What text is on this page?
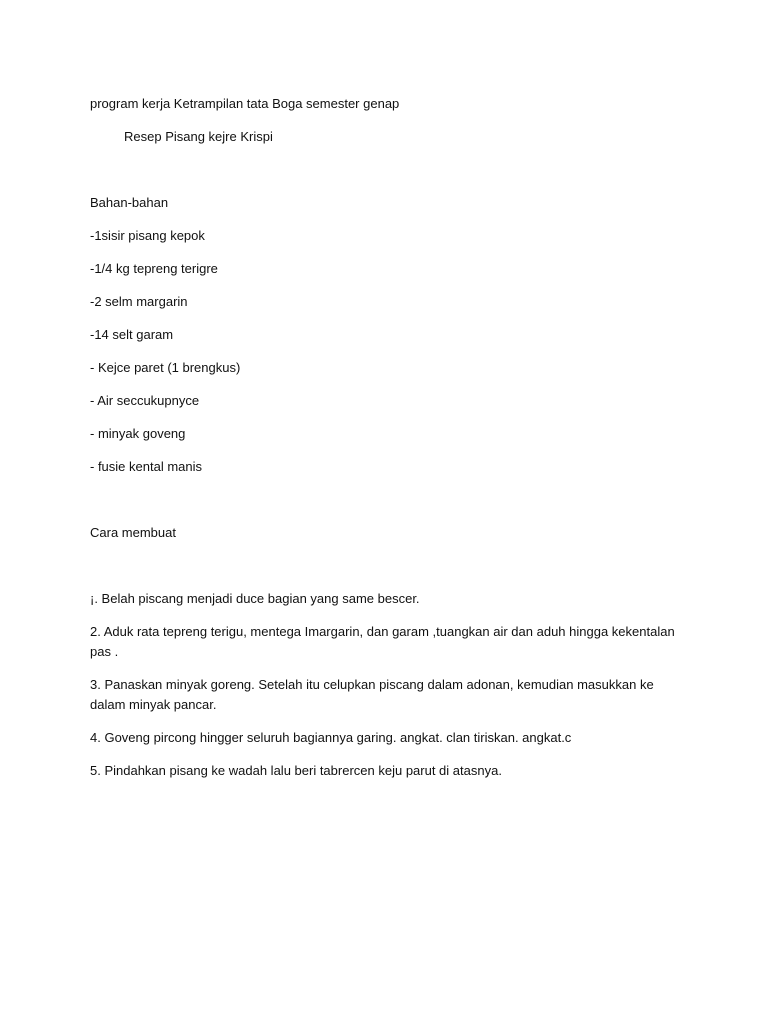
program kerja Ketrampilan tata Boga semester genap

Resep Pisang kejre Krispi

Bahan-bahan

-1sisir pisang kepok

-1/4 kg tepreng terigre

-2 selm margarin

-14 selt garam

- Kejce paret (1 brengkus)

- Air seccukupnyce

- minyak goveng

- fusie kental manis

Cara membuat

¡. Belah piscang menjadi duce bagian yang same bescer.

2. Aduk rata tepreng terigu, mentega Imargarin, dan garam ,tuangkan air dan aduh hingga kekentalan pas .

3. Panaskan minyak goreng. Setelah itu celupkan piscang dalam adonan, kemudian masukkan ke dalam minyak pancar.

4. Goveng pircong hingger seluruh bagiannya garing. angkat. clan tiriskan. angkat.c

5. Pindahkan pisang ke wadah lalu beri tabrercen keju parut di atasnya.
